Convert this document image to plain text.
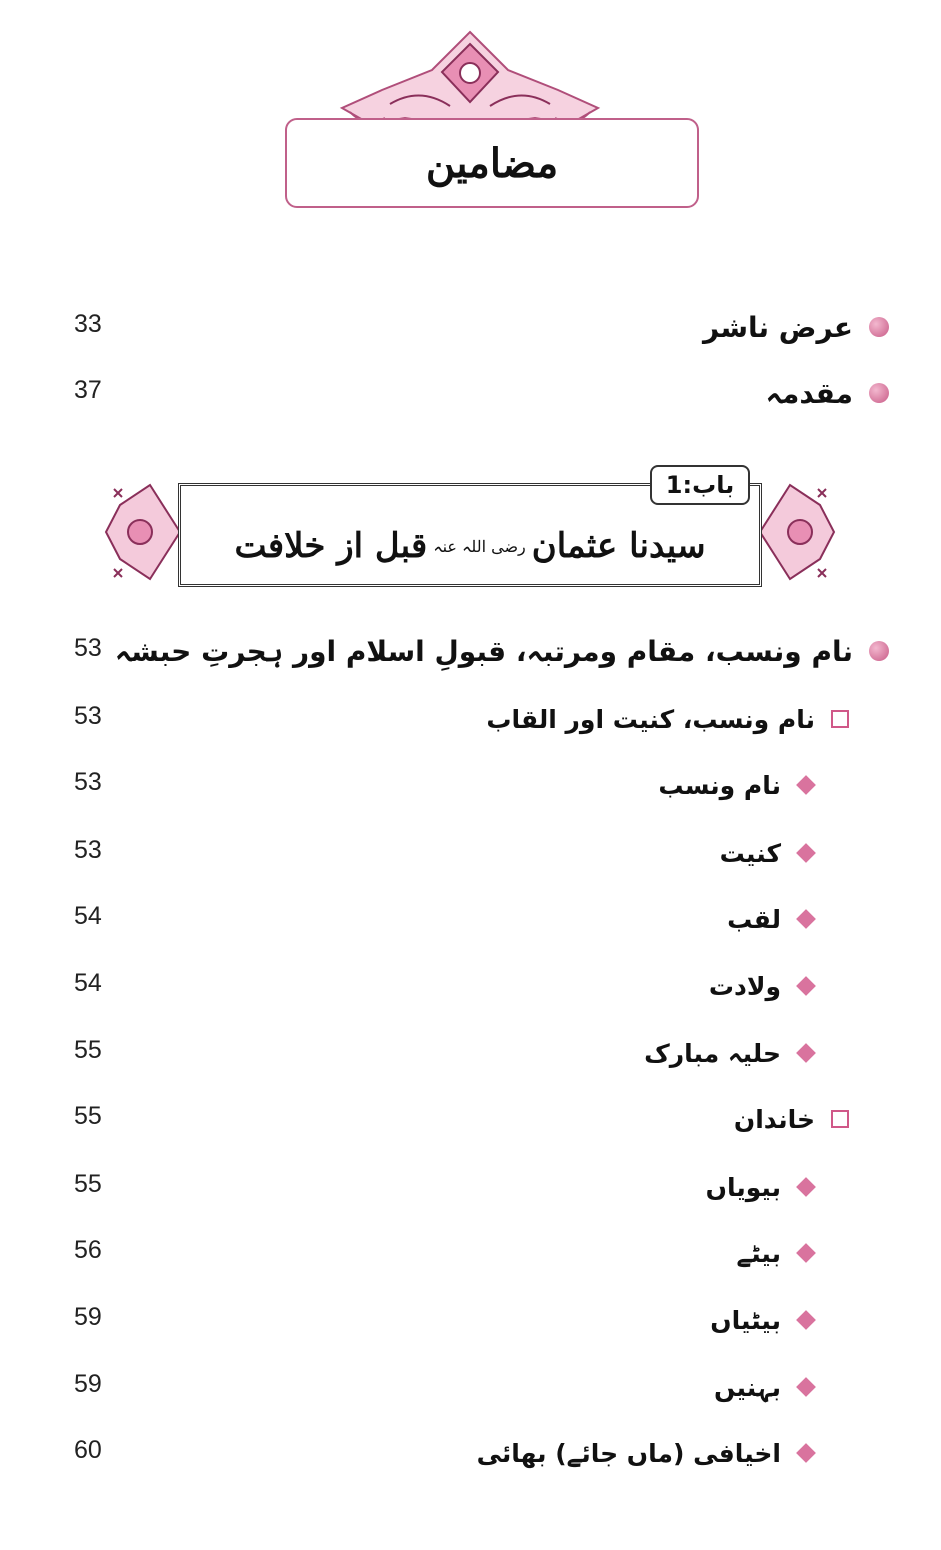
مضامین
33	عرض ناشر
37	مقدمہ
سیدنا عثمان
رضی اللہ عنہ
قبل از خلافت
باب:1
53 نام ونسب، مقام ومرتبہ، قبولِ اسلام اور ہجرتِ حبشہ
53	نام ونسب، کنیت اور القاب
53	نام ونسب
53	کنیت
54	لقب
54	ولادت
55	حلیہ مبارک
55	خاندان
55	بیویاں
56	بیٹے
59	بیٹیاں
59	بہنیں
60	اخیافی (ماں جائے) بھائی
